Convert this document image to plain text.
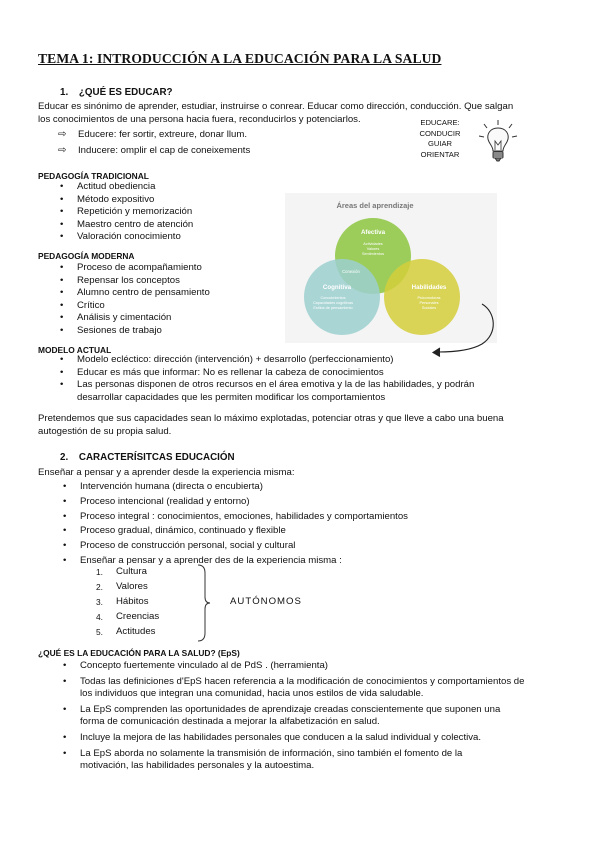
TEMA 1: INTRODUCCIÓN A LA EDUCACIÓN PARA LA SALUD
1. ¿QUÉ ES EDUCAR?
Educar es sinónimo de aprender, estudiar, instruirse o conrear. Educar como dirección, conducción. Que salgan
los conocimientos de una persona hacia fuera, reconducirlos y potenciarlos.
⇨ Educere: fer sortir, extreure, donar llum.
⇨ Inducere: omplir el cap de coneixements
EDUCARE:
CONDUCIR
GUIAR
ORIENTAR
PEDAGOGÍA TRADICIONAL
• Actitud obediencia
• Método expositivo
• Repetición y memorización
• Maestro centro de atención
• Valoración conocimiento
PEDAGOGÍA MODERNA
• Proceso de acompañamiento
• Repensar los conceptos
• Alumno centro de pensamiento
• Crítico
• Análisis y cimentación
• Sesiones de trabajo
Áreas del aprendizaje
Afectiva
Actividades
Valores
Sentimientos
Cognitiva
Conocimientos
Capacidades cognitivas
Estilos de pensamiento
Habilidades
Psicomotoras
Personales
Sociales
Conexión
MODELO ACTUAL
• Modelo ecléctico: dirección (intervención) + desarrollo (perfeccionamiento)
• Educar es más que informar: No es rellenar la cabeza de conocimientos
• Las personas disponen de otros recursos en el área emotiva y la de las habilidades, y podrán
desarrollar capacidades que les permiten modificar los comportamientos
Pretendemos que sus capacidades sean lo máximo explotadas, potenciar otras y que lleve a cabo una buena
autogestión de su propia salud.
2. CARACTERÍSITCAS EDUCACIÓN
Enseñar a pensar y a aprender desde la experiencia misma:
• Intervención humana (directa o encubierta)
• Proceso intencional (realidad y entorno)
• Proceso integral : conocimientos, emociones, habilidades y comportamientos
• Proceso gradual, dinámico, continuado y flexible
• Proceso de construcción personal, social y cultural
• Enseñar a pensar y a aprender des de la experiencia misma :
1. Cultura
2. Valores
3. Hábitos
4. Creencias
5. Actitudes
AUTÓNOMOS
¿QUÉ ES LA EDUCACIÓN PARA LA SALUD? (EpS)
• Concepto fuertemente vinculado al de PdS . (herramienta)
• Todas las definiciones d'EpS hacen referencia a la modificación de conocimientos y comportamientos de
los individuos que integran una comunidad, hacia unos estilos de vida saludable.
• La EpS comprenden las oportunidades de aprendizaje creadas conscientemente que suponen una
forma de comunicación destinada a mejorar la alfabetización en salud.
• Incluye la mejora de las habilidades personales que conducen a la salud individual y colectiva.
• La EpS aborda no solamente la transmisión de información, sino también el fomento de la
motivación, las habilidades personales y la autoestima.
